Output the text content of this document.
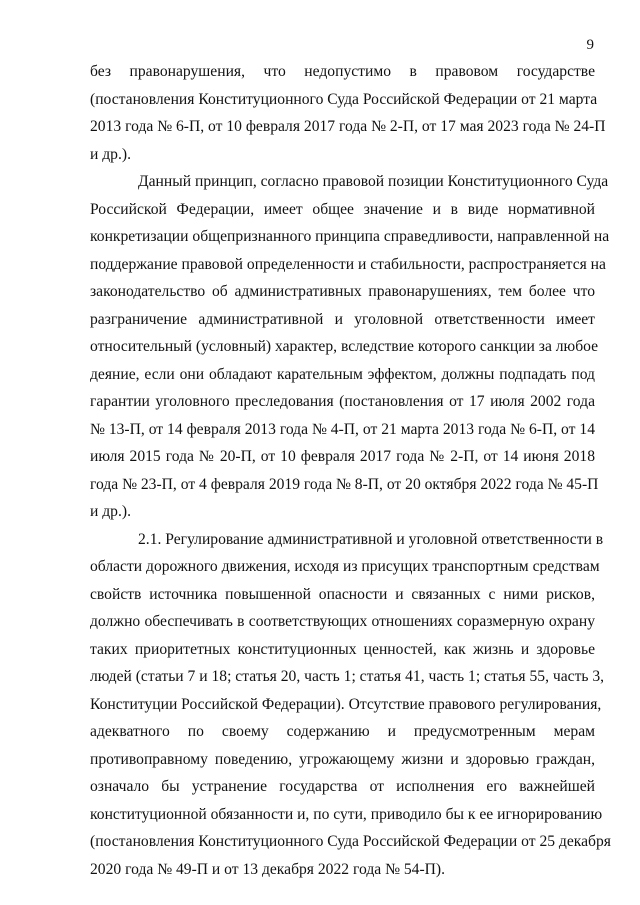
9
без правонарушения, что недопустимо в правовом государстве
(постановления Конституционного Суда Российской Федерации от 21 марта
2013 года № 6-П, от 10 февраля 2017 года № 2-П, от 17 мая 2023 года № 24-П
и др.).
Данный принцип, согласно правовой позиции Конституционного Суда
Российской Федерации, имеет общее значение и в виде нормативной
конкретизации общепризнанного принципа справедливости, направленной на
поддержание правовой определенности и стабильности, распространяется на
законодательство об административных правонарушениях, тем более что
разграничение административной и уголовной ответственности имеет
относительный (условный) характер, вследствие которого санкции за любое
деяние, если они обладают карательным эффектом, должны подпадать под
гарантии уголовного преследования (постановления от 17 июля 2002 года
№ 13-П, от 14 февраля 2013 года № 4-П, от 21 марта 2013 года № 6-П, от 14
июля 2015 года № 20-П, от 10 февраля 2017 года № 2-П, от 14 июня 2018
года № 23-П, от 4 февраля 2019 года № 8-П, от 20 октября 2022 года № 45-П
и др.).
2.1. Регулирование административной и уголовной ответственности в
области дорожного движения, исходя из присущих транспортным средствам
свойств источника повышенной опасности и связанных с ними рисков,
должно обеспечивать в соответствующих отношениях соразмерную охрану
таких приоритетных конституционных ценностей, как жизнь и здоровье
людей (статьи 7 и 18; статья 20, часть 1; статья 41, часть 1; статья 55, часть 3,
Конституции Российской Федерации). Отсутствие правового регулирования,
адекватного по своему содержанию и предусмотренным мерам
противоправному поведению, угрожающему жизни и здоровью граждан,
означало бы устранение государства от исполнения его важнейшей
конституционной обязанности и, по сути, приводило бы к ее игнорированию
(постановления Конституционного Суда Российской Федерации от 25 декабря
2020 года № 49-П и от 13 декабря 2022 года № 54-П).
